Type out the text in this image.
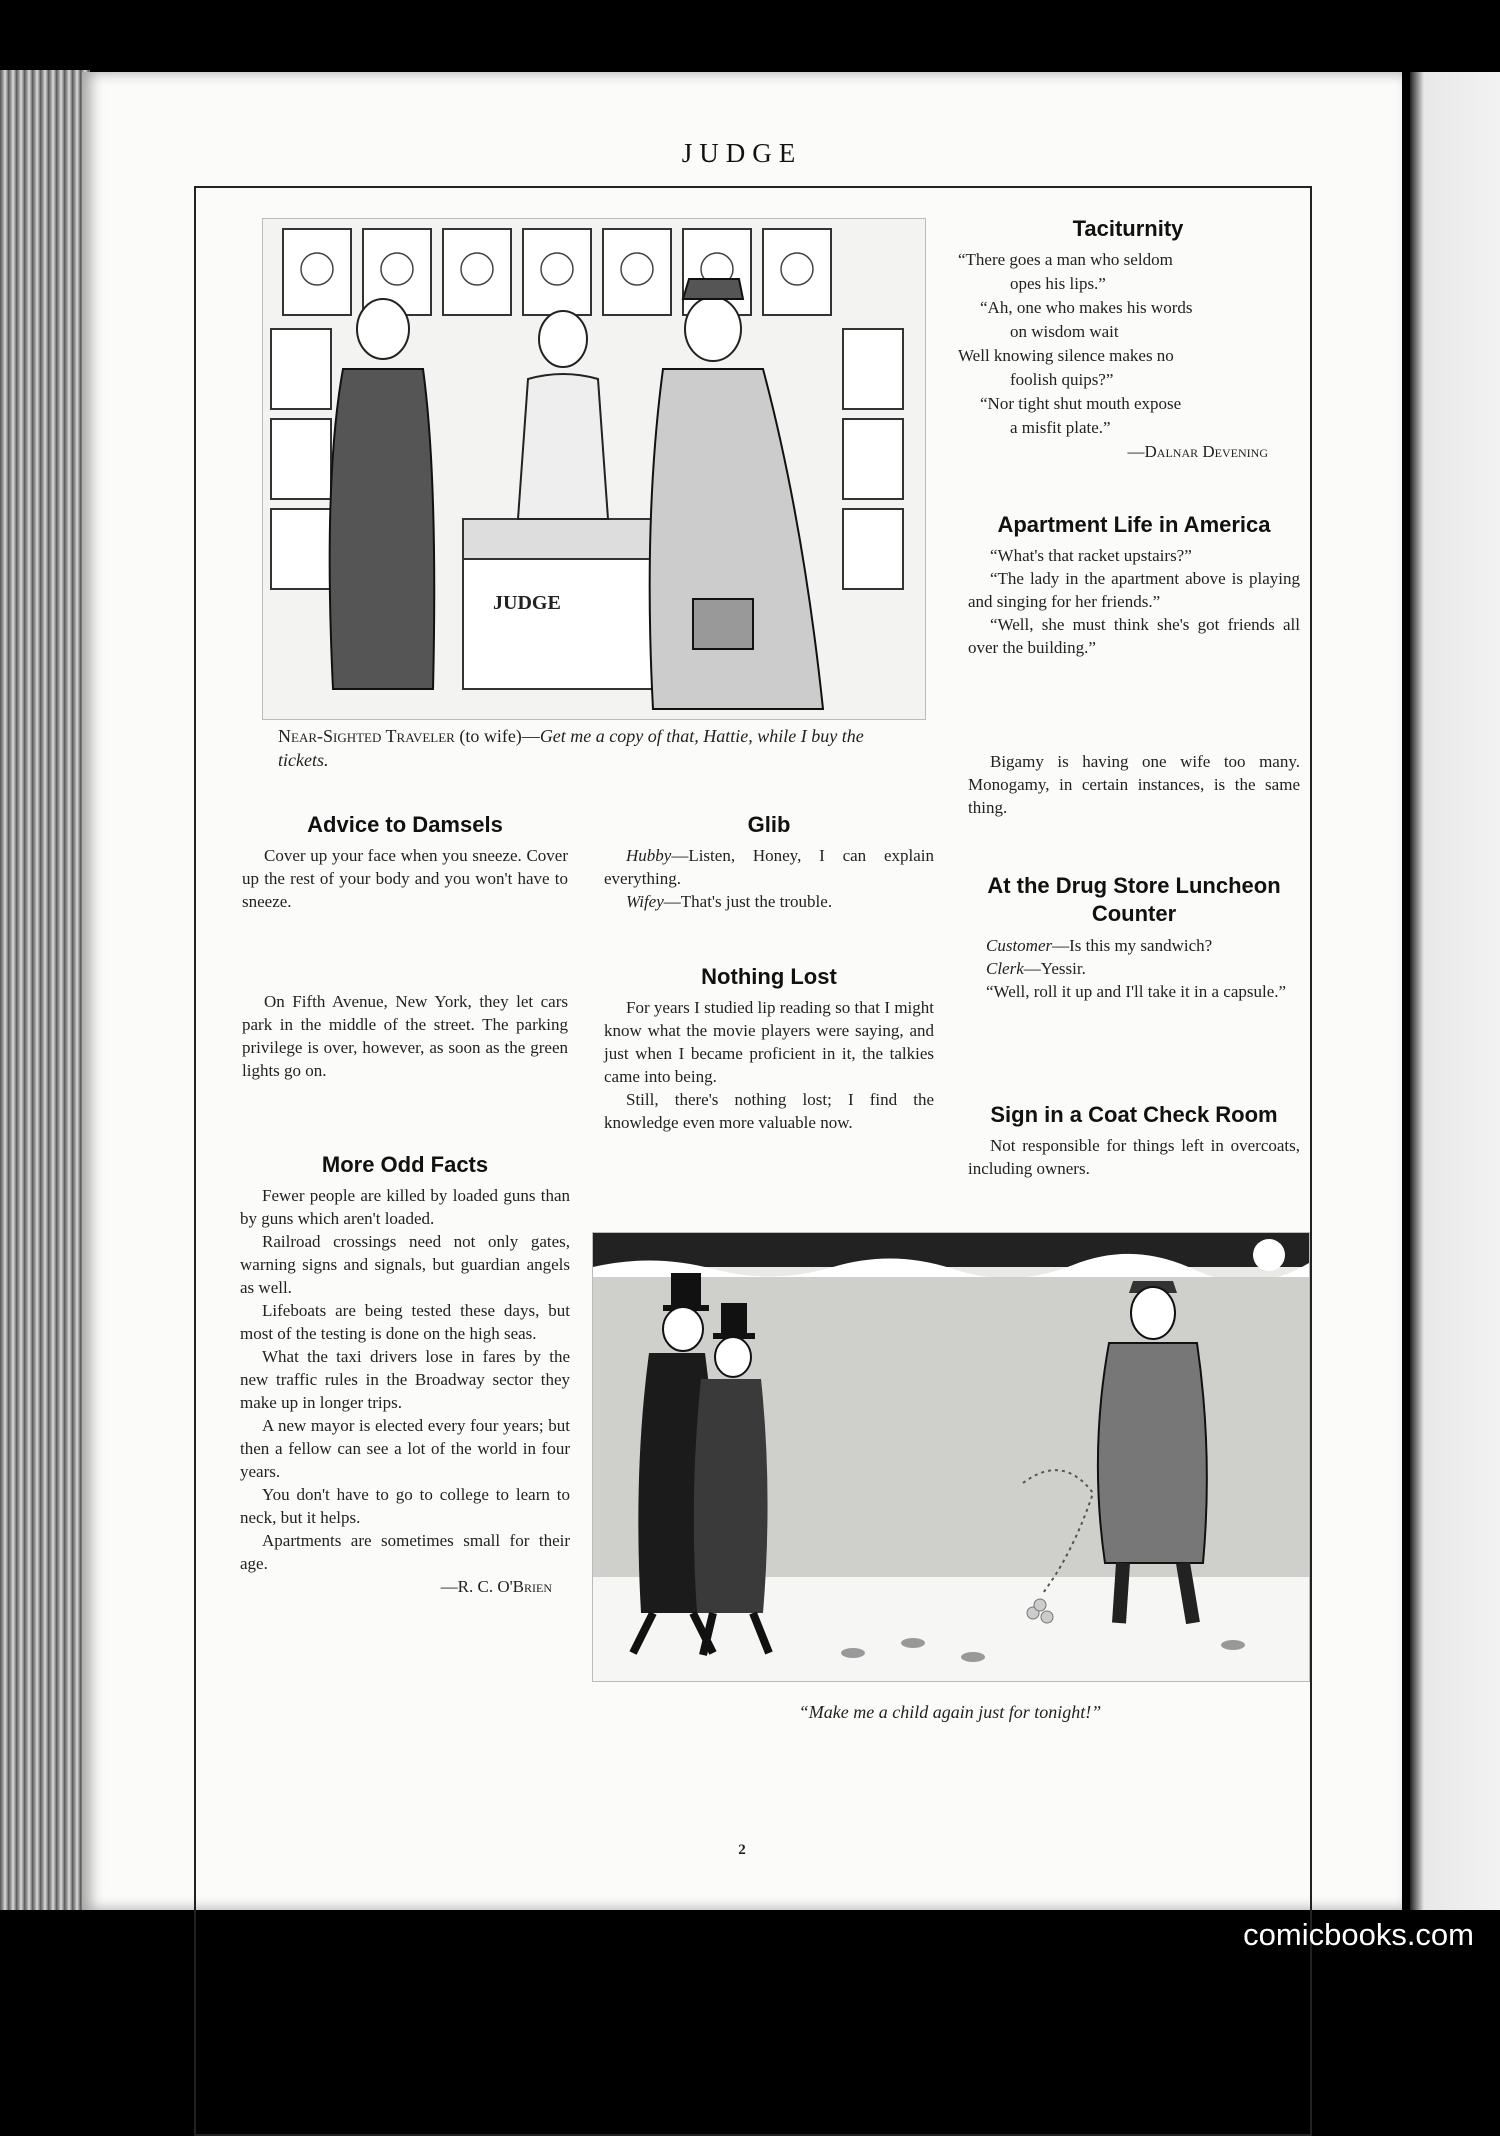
JUDGE
JUDGE
Near-Sighted Traveler (to wife)—Get me a copy of that, Hattie, while I buy the tickets.
Taciturnity

“There goes a man who seldom

opes his lips.”

“Ah, one who makes his words

on wisdom wait

Well knowing silence makes no

foolish quips?”

“Nor tight shut mouth expose

a misfit plate.”

—Dalnar Devening
Apartment Life in America

“What's that racket upstairs?”

“The lady in the apartment above is playing and singing for her friends.”

“Well, she must think she's got friends all over the building.”

Bigamy is having one wife too many. Monogamy, in certain instances, is the same thing.

Advice to Damsels

Cover up your face when you sneeze. Cover up the rest of your body and you won't have to sneeze.

Glib

Hubby—Listen, Honey, I can explain everything.

Wifey—That's just the trouble.

At the Drug Store Luncheon Counter

Customer—Is this my sandwich?

Clerk—Yessir.

“Well, roll it up and I'll take it in a capsule.”

On Fifth Avenue, New York, they let cars park in the middle of the street. The parking privilege is over, however, as soon as the green lights go on.

Nothing Lost

For years I studied lip reading so that I might know what the movie players were saying, and just when I became proficient in it, the talkies came into being.

Still, there's nothing lost; I find the knowledge even more valuable now.	Sign in a Coat Check Room

Not responsible for things left in overcoats, including owners.

More Odd Facts

Fewer people are killed by loaded guns than by guns which aren't loaded.

Railroad crossings need not only gates, warning signs and signals, but guardian angels as well.

Lifeboats are being tested these days, but most of the testing is done on the high seas.

What the taxi drivers lose in fares by the new traffic rules in the Broadway sector they make up in longer trips.

A new mayor is elected every four years; but then a fellow can see a lot of the world in four years.

You don't have to go to college to learn to neck, but it helps.

Apartments are sometimes small for their age.

—R. C. O'Brien
“Make me a child again just for tonight!”
2
comicbooks.com
